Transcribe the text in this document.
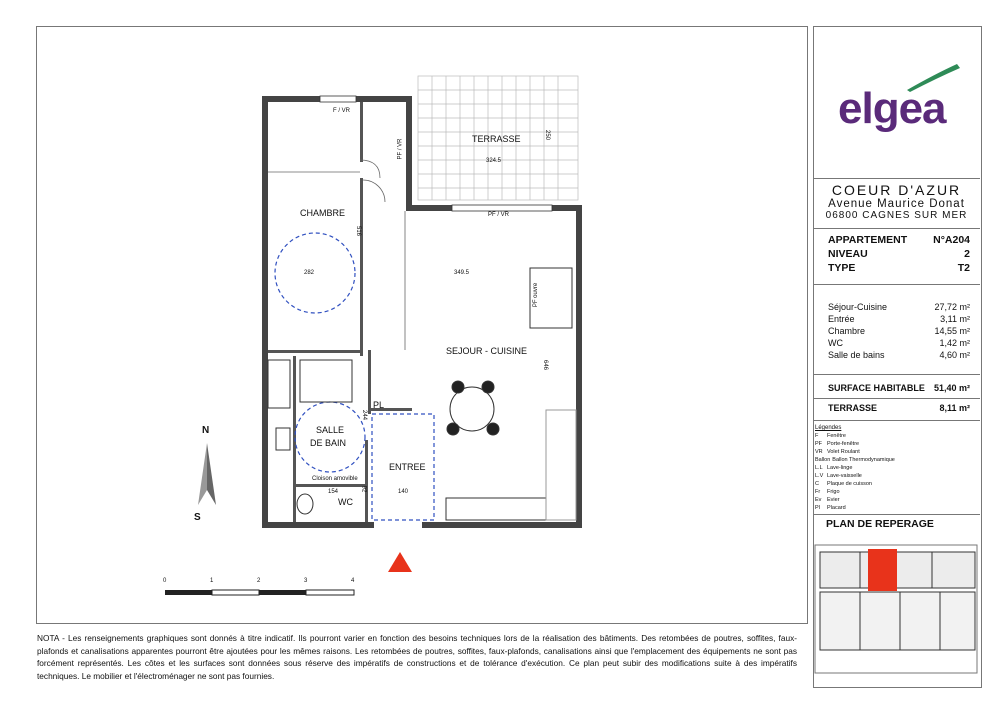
TERRASSE
324.5
250
CHAMBRE
282
516
349.5
SEJOUR - CUISINE
646
SALLE
DE BAIN
PL
ENTREE
WC
Cloison amovible
154	140
92
244
F / VR
PF / VR
PF / VR
PF ouvre
N
S
0	1	2	3	4
elgea
COEUR D'AZUR
Avenue Maurice Donat
06800 CAGNES SUR MER
APPARTEMENT N°A204
NIVEAU	2
TYPE	T2
Séjour-Cuisine	27,72 m²
Entrée	3,11 m²
Chambre	14,55 m²
WC	1,42 m²
Salle de bains	4,60 m²
SURFACE HABITABLE 51,40 m²
TERRASSE	8,11 m²
Légendes
F	Fenêtre
PF Porte-fenêtre
VR Volet Roulant
Ballon Ballon Thermodynamique
L.L Lave-linge
L.V Lave-vaisselle
C	Plaque de cuisson
Fr	Frigo
Ev	Evier
Pl	Placard
PLAN DE REPERAGE
NOTA - Les renseignements graphiques sont donnés à titre indicatif. Ils pourront varier en fonction des besoins techniques lors de la réalisation des bâtiments. Des retombées de poutres, soffites, faux-plafonds et canalisations apparentes pourront être ajoutées pour les mêmes raisons. Les retombées de poutres, soffites, faux-plafonds, canalisations ainsi que l'emplacement des équipements ne sont pas forcément représentés. Les côtes et les surfaces sont données sous réserve des impératifs de constructions et de tolérance d'exécution. Ce plan peut subir des modifications suite à des impératifs techniques. Le mobilier et l'électroménager ne sont pas fournies.
